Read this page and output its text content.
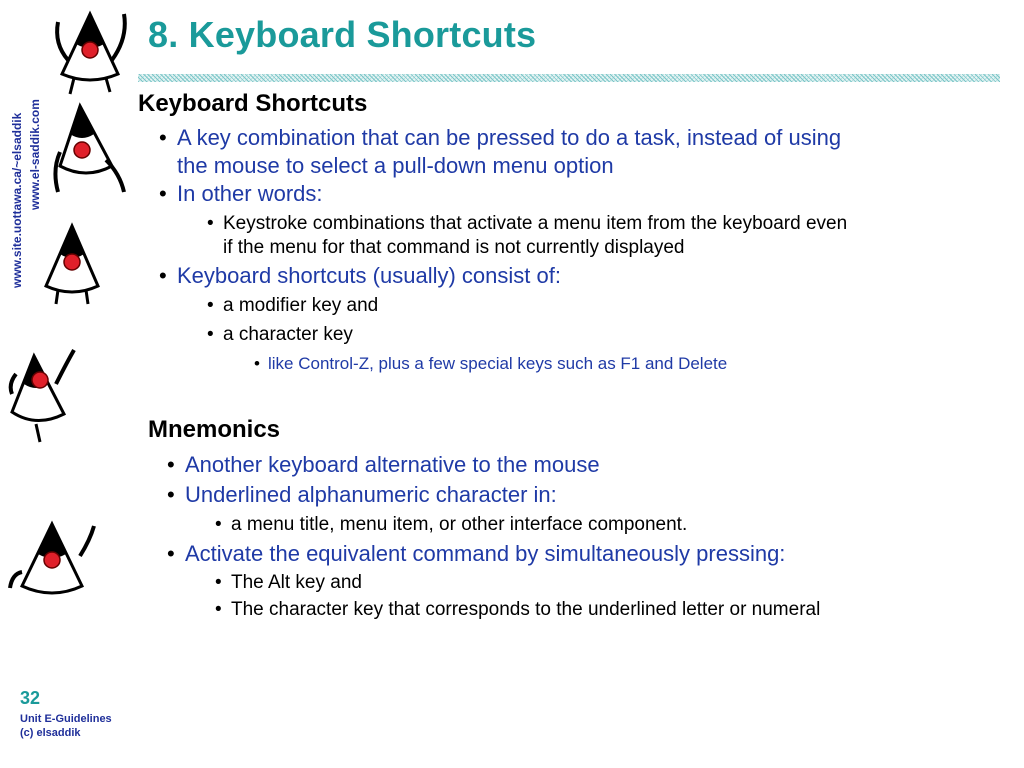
8. Keyboard Shortcuts
www.site.uottawa.ca/~elsaddik www.el-saddik.com	Keyboard Shortcuts
• A key combination that can be pressed to do a task, instead of using
the mouse to select a pull-down menu option
• In other words:
• Keystroke combinations that activate a menu item from the keyboard even
if the menu for that command is not currently displayed
• Keyboard shortcuts (usually) consist of:
• a modifier key and
• a character key
• like Control-Z, plus a few special keys such as F1 and Delete
Mnemonics
• Another keyboard alternative to the mouse
• Underlined alphanumeric character in:
• a menu title, menu item, or other interface component.
• Activate the equivalent command by simultaneously pressing:
• The Alt key and
• The character key that corresponds to the underlined letter or numeral
32
Unit E-Guidelines
(c) elsaddik
